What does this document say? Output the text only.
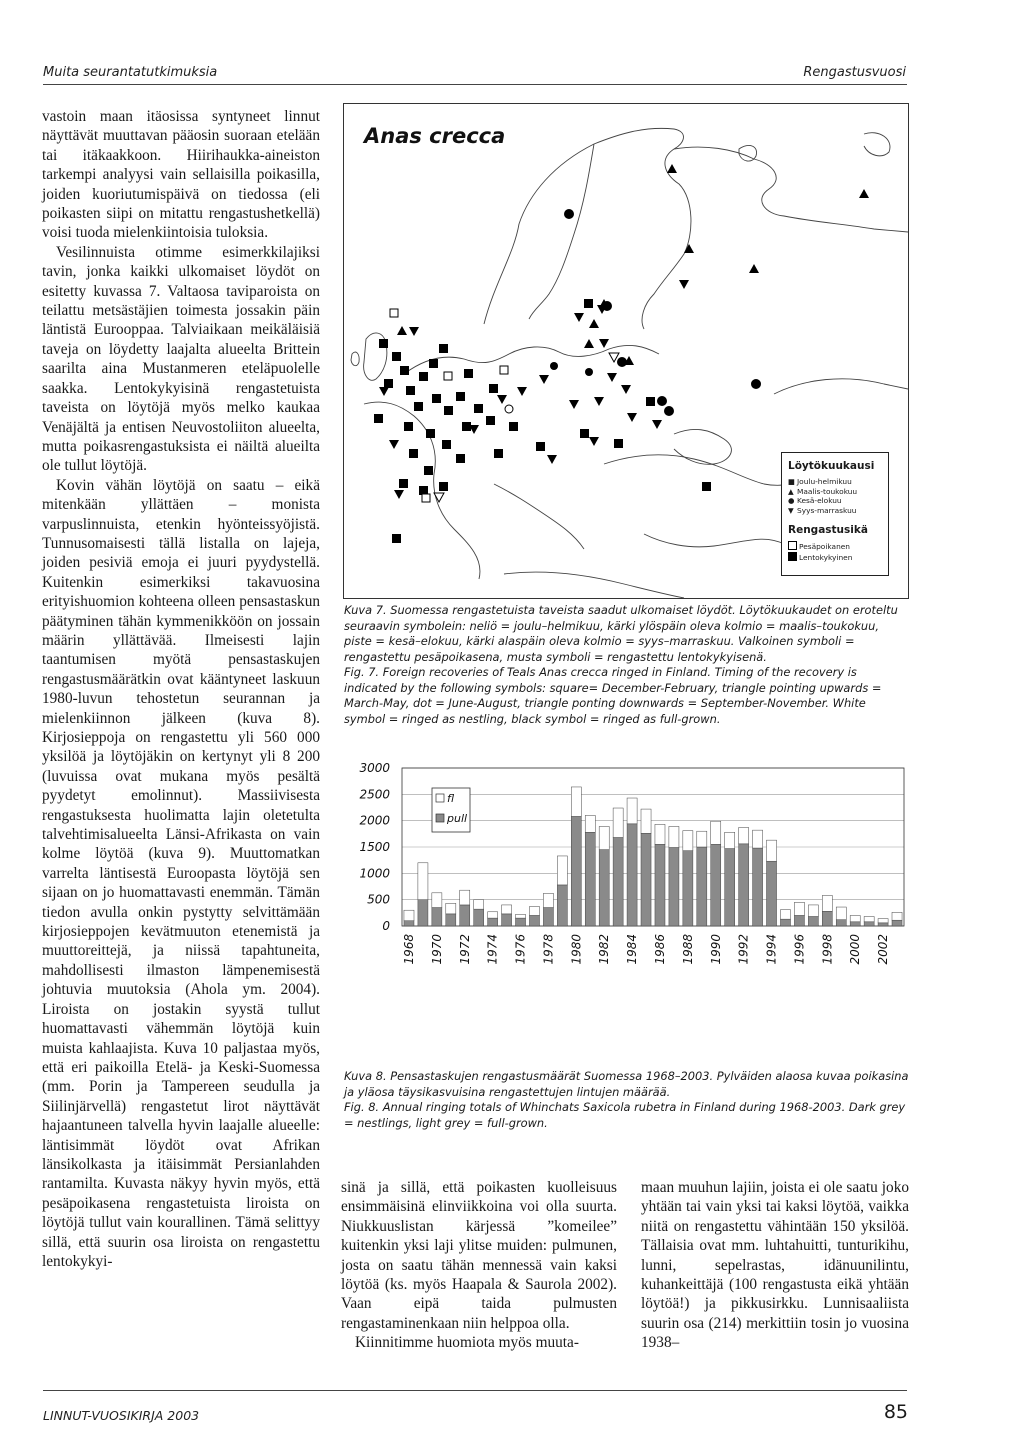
Muita seurantatutkimuksia	Rengastusvuosi

vastoin maan itäosissa syntyneet linnut näyttävät muuttavan pääosin suoraan etelään tai itäkaakkoon. Hiirihaukka-aineiston tarkempi analyysi vain sellaisilla poikasilla, joiden kuoriutumispäivä on tiedossa (eli poikasten siipi on mitattu rengastushetkellä) voisi tuoda mielenkiintoisia tuloksia.

Vesilinnuista otimme esimerkkilajiksi tavin, jonka kaikki ulkomaiset löydöt on esitetty kuvassa 7. Valtaosa taviparoista on teilattu metsästäjien toimesta jossakin päin läntistä Eurooppaa. Talviaikaan meikäläisiä taveja on löydetty laajalta alueelta Brittein saarilta aina Mustanmeren eteläpuolelle saakka. Lentokykyisinä rengastetuista taveista on löytöjä myös melko kaukaa Venäjältä ja entisen Neuvostoliiton alueelta, mutta poikasrengastuksista ei näiltä alueilta ole tullut löytöjä.

Kovin vähän löytöjä on saatu – eikä mitenkään yllättäen – monista varpuslinnuista, etenkin hyönteissyöjistä. Tunnusomaisesti tällä listalla on lajeja, joiden pesiviä emoja ei juuri pyydystellä. Kuitenkin esimerkiksi takavuosina erityishuomion kohteena olleen pensastaskun päätyminen tähän kymmenikköön on jossain määrin yllättävää. Ilmeisesti lajin taantumisen myötä pensastaskujen rengastusmäärätkin ovat kääntyneet laskuun 1980-luvun tehostetun seurannan ja mielenkiinnon jälkeen (kuva 8). Kirjosieppoja on rengastettu yli 560 000 yksilöä ja löytöjäkin on kertynyt yli 8 200 (luvuissa ovat mukana myös pesältä pyydetyt emolinnut). Massiivisesta rengastuksesta huolimatta lajin oletetulta talvehtimisalueelta Länsi-Afrikasta on vain kolme löytöä (kuva 9). Muuttomatkan varrelta läntisestä Euroopasta löytöjä sen sijaan on jo huomattavasti enemmän. Tämän tiedon avulla onkin pystytty selvittämään kirjosieppojen kevätmuuton etenemistä ja muuttoreittejä, ja niissä tapahtuneita, mahdollisesti ilmaston lämpenemisestä johtuvia muutoksia (Ahola ym. 2004). Liroista on jostakin syystä tullut huomattavasti vähemmän löytöjä kuin muista kahlaajista. Kuva 10 paljastaa myös, että eri paikoilla Etelä- ja Keski-Suomessa (mm. Porin ja Tampereen seudulla ja Siilinjärvellä) rengastetut lirot näyttävät hajaantuneen talvella hyvin laajalle alueelle: läntisimmät löydöt ovat Afrikan länsikolkasta ja itäisimmät Persianlahden rantamilta. Kuvasta näkyy hyvin myös, että pesäpoikasena rengastetuista liroista on löytöjä tullut vain kourallinen. Tämä selittyy sillä, että suurin osa liroista on rengastettu lentokykyi-

Anas crecca
Löytökuukausi
■ Joulu-helmikuu
▲ Maalis-toukokuu
● Kesä-elokuu
▼ Syys-marraskuu
Rengastusikä
Pesäpoikanen
Lentokykyinen

Kuva 7. Suomessa rengastetuista taveista saadut ulkomaiset löydöt. Löytökuukaudet on eroteltu seuraavin symbolein: neliö = joulu–helmikuu, kärki ylöspäin oleva kolmio = maalis–toukokuu, piste = kesä–elokuu, kärki alaspäin oleva kolmio = syys–marraskuu. Valkoinen symboli = rengastettu pesäpoikasena, musta symboli = rengastettu lentokykyisenä.

Fig. 7. Foreign recoveries of Teals Anas crecca ringed in Finland. Timing of the recovery is indicated by the following symbols: square= December-February, triangle pointing upwards = March-May, dot = June-August, triangle ponting downwards = September-November. White symbol = ringed as nestling, black symbol = ringed as full-grown.

0
500
1000
1500
2000
2500
3000
1968 1970 1972 1974 1976 1978 1980 1982 1984 1986 1988 1990 1992 1994 1996 1998 2000 2002
fl
pull

Kuva 8. Pensastaskujen rengastusmäärät Suomessa 1968–2003. Pylväiden alaosa kuvaa poikasina ja yläosa täysikasvuisina rengastettujen lintujen määrää.

Fig. 8. Annual ringing totals of Whinchats Saxicola rubetra in Finland during 1968-2003. Dark grey = nestlings, light grey = full-grown.

sinä ja sillä, että poikasten kuolleisuus ensimmäisinä elinviikkoina voi olla suurta. Niukkuuslistan kärjessä ”komeilee” kuitenkin yksi laji ylitse muiden: pulmunen, josta on saatu tähän mennessä vain kaksi löytöä (ks. myös Haapala & Saurola 2002). Vaan eipä taida pulmusten rengastaminenkaan niin helppoa olla.

Kiinnitimme huomiota myös muuta-

maan muuhun lajiin, joista ei ole saatu joko yhtään tai vain yksi tai kaksi löytöä, vaikka niitä on rengastettu vähintään 150 yksilöä. Tällaisia ovat mm. luhtahuitti, tunturikihu, lunni, sepelrastas, idänuunilintu, kuhankeittäjä (100 rengastusta eikä yhtään löytöä!) ja pikkusirkku. Lunnisaaliista suurin osa (214) merkittiin tosin jo vuosina 1938–

LINNUT-VUOSIKIRJA 2003	85
